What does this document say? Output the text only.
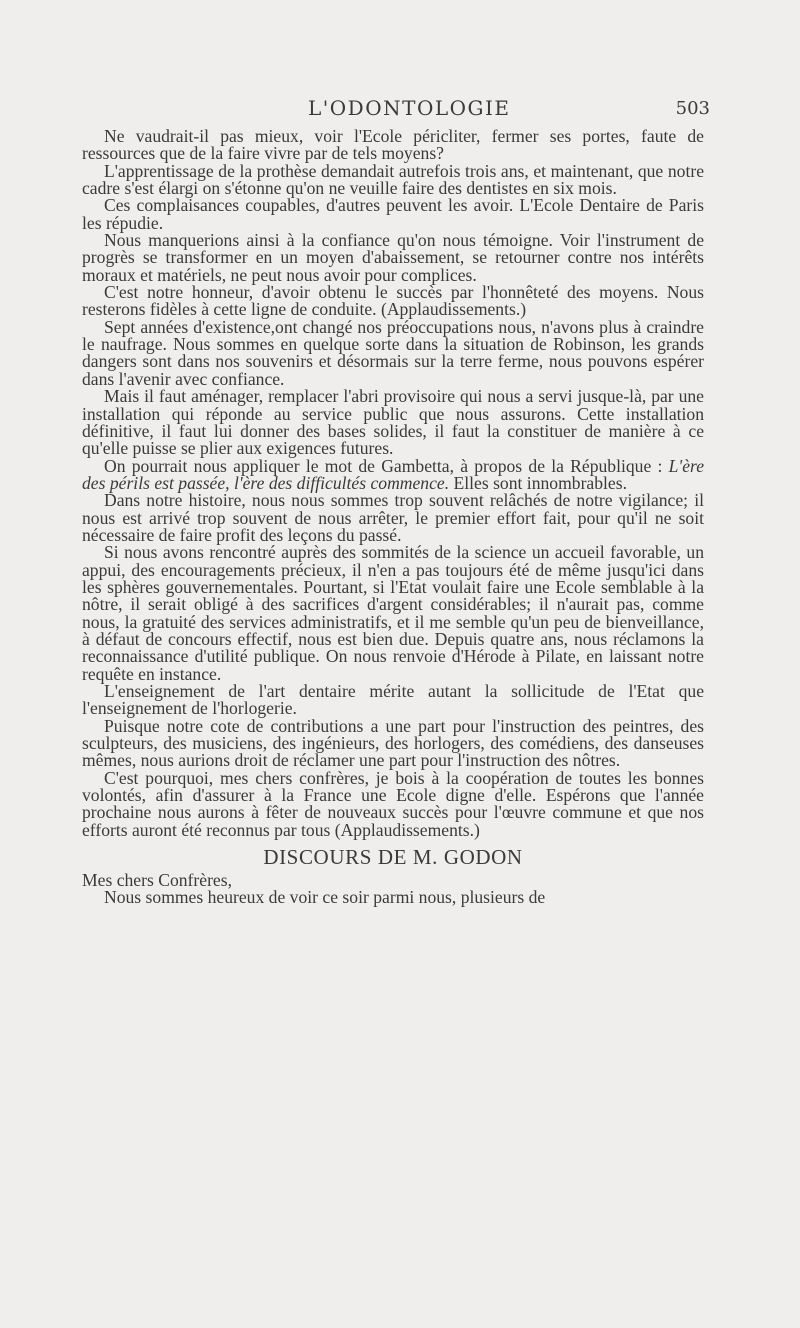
L'ODONTOLOGIE	503

Ne vaudrait-il pas mieux, voir l'Ecole péricliter, fermer ses portes, faute de ressources que de la faire vivre par de tels moyens?

L'apprentissage de la prothèse demandait autrefois trois ans, et maintenant, que notre cadre s'est élargi on s'étonne qu'on ne veuille faire des dentistes en six mois.

Ces complaisances coupables, d'autres peuvent les avoir. L'Ecole Dentaire de Paris les répudie.

Nous manquerions ainsi à la confiance qu'on nous témoigne. Voir l'instrument de progrès se transformer en un moyen d'abaissement, se retourner contre nos intérêts moraux et matériels, ne peut nous avoir pour complices.

C'est notre honneur, d'avoir obtenu le succès par l'honnêteté des moyens. Nous resterons fidèles à cette ligne de conduite. (Applaudissements.)

Sept années d'existence,ont changé nos préoccupations nous, n'avons plus à craindre le naufrage. Nous sommes en quelque sorte dans la situation de Robinson, les grands dangers sont dans nos souvenirs et désormais sur la terre ferme, nous pouvons espérer dans l'avenir avec confiance.

Mais il faut aménager, remplacer l'abri provisoire qui nous a servi jusque-là, par une installation qui réponde au service public que nous assurons. Cette installation définitive, il faut lui donner des bases solides, il faut la constituer de manière à ce qu'elle puisse se plier aux exigences futures.

On pourrait nous appliquer le mot de Gambetta, à propos de la République : L'ère des périls est passée, l'ère des difficultés commence. Elles sont innombrables.

Dans notre histoire, nous nous sommes trop souvent relâchés de notre vigilance; il nous est arrivé trop souvent de nous arrêter, le premier effort fait, pour qu'il ne soit nécessaire de faire profit des leçons du passé.

Si nous avons rencontré auprès des sommités de la science un accueil favorable, un appui, des encouragements précieux, il n'en a pas toujours été de même jusqu'ici dans les sphères gouvernementales. Pourtant, si l'Etat voulait faire une Ecole semblable à la nôtre, il serait obligé à des sacrifices d'argent considérables; il n'aurait pas, comme nous, la gratuité des services administratifs, et il me semble qu'un peu de bienveillance, à défaut de concours effectif, nous est bien due. Depuis quatre ans, nous réclamons la reconnaissance d'utilité publique. On nous renvoie d'Hérode à Pilate, en laissant notre requête en instance.

L'enseignement de l'art dentaire mérite autant la sollicitude de l'Etat que l'enseignement de l'horlogerie.

Puisque notre cote de contributions a une part pour l'instruction des peintres, des sculpteurs, des musiciens, des ingénieurs, des horlogers, des comédiens, des danseuses mêmes, nous aurions droit de réclamer une part pour l'instruction des nôtres.

C'est pourquoi, mes chers confrères, je bois à la coopération de toutes les bonnes volontés, afin d'assurer à la France une Ecole digne d'elle. Espérons que l'année prochaine nous aurons à fêter de nouveaux succès pour l'œuvre commune et que nos efforts auront été reconnus par tous (Applaudissements.)

DISCOURS DE M. GODON

Mes chers Confrères,

Nous sommes heureux de voir ce soir parmi nous, plusieurs de
